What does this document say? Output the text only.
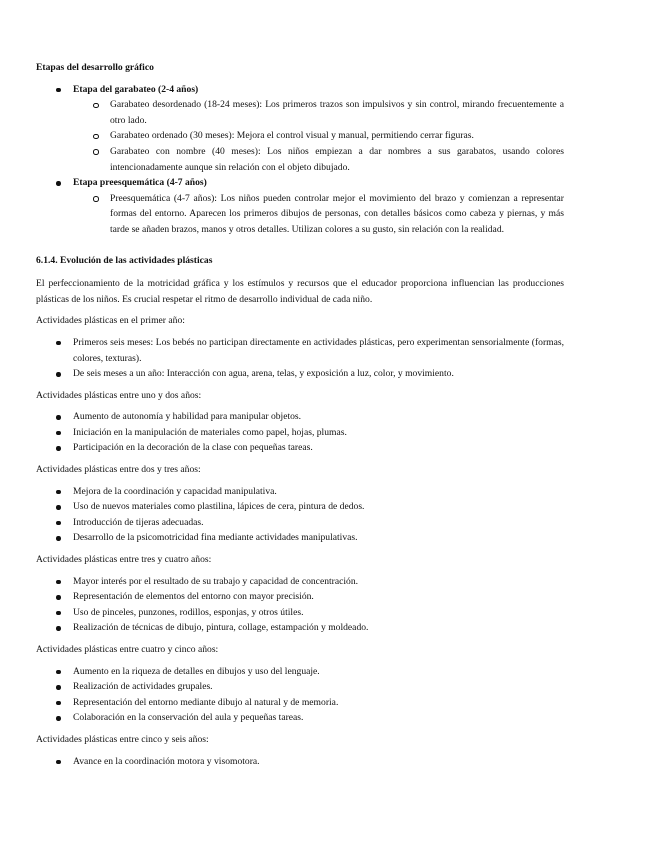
Etapas del desarrollo gráfico

Etapa del garabateo (2-4 años)
Garabateo desordenado (18-24 meses): Los primeros trazos son impulsivos y sin control, mirando frecuentemente a otro lado.
Garabateo ordenado (30 meses): Mejora el control visual y manual, permitiendo cerrar figuras.
Garabateo con nombre (40 meses): Los niños empiezan a dar nombres a sus garabatos, usando colores intencionadamente aunque sin relación con el objeto dibujado.
Etapa preesquemática (4-7 años)
Preesquemática (4-7 años): Los niños pueden controlar mejor el movimiento del brazo y comienzan a representar formas del entorno. Aparecen los primeros dibujos de personas, con detalles básicos como cabeza y piernas, y más tarde se añaden brazos, manos y otros detalles. Utilizan colores a su gusto, sin relación con la realidad.

6.1.4. Evolución de las actividades plásticas

El perfeccionamiento de la motricidad gráfica y los estímulos y recursos que el educador proporciona influencian las producciones plásticas de los niños. Es crucial respetar el ritmo de desarrollo individual de cada niño.

Actividades plásticas en el primer año:

Primeros seis meses: Los bebés no participan directamente en actividades plásticas, pero experimentan sensorialmente (formas, colores, texturas).
De seis meses a un año: Interacción con agua, arena, telas, y exposición a luz, color, y movimiento.

Actividades plásticas entre uno y dos años:

Aumento de autonomía y habilidad para manipular objetos.
Iniciación en la manipulación de materiales como papel, hojas, plumas.
Participación en la decoración de la clase con pequeñas tareas.

Actividades plásticas entre dos y tres años:

Mejora de la coordinación y capacidad manipulativa.
Uso de nuevos materiales como plastilina, lápices de cera, pintura de dedos.
Introducción de tijeras adecuadas.
Desarrollo de la psicomotricidad fina mediante actividades manipulativas.

Actividades plásticas entre tres y cuatro años:

Mayor interés por el resultado de su trabajo y capacidad de concentración.
Representación de elementos del entorno con mayor precisión.
Uso de pinceles, punzones, rodillos, esponjas, y otros útiles.
Realización de técnicas de dibujo, pintura, collage, estampación y moldeado.

Actividades plásticas entre cuatro y cinco años:

Aumento en la riqueza de detalles en dibujos y uso del lenguaje.
Realización de actividades grupales.
Representación del entorno mediante dibujo al natural y de memoria.
Colaboración en la conservación del aula y pequeñas tareas.

Actividades plásticas entre cinco y seis años:

Avance en la coordinación motora y visomotora.
